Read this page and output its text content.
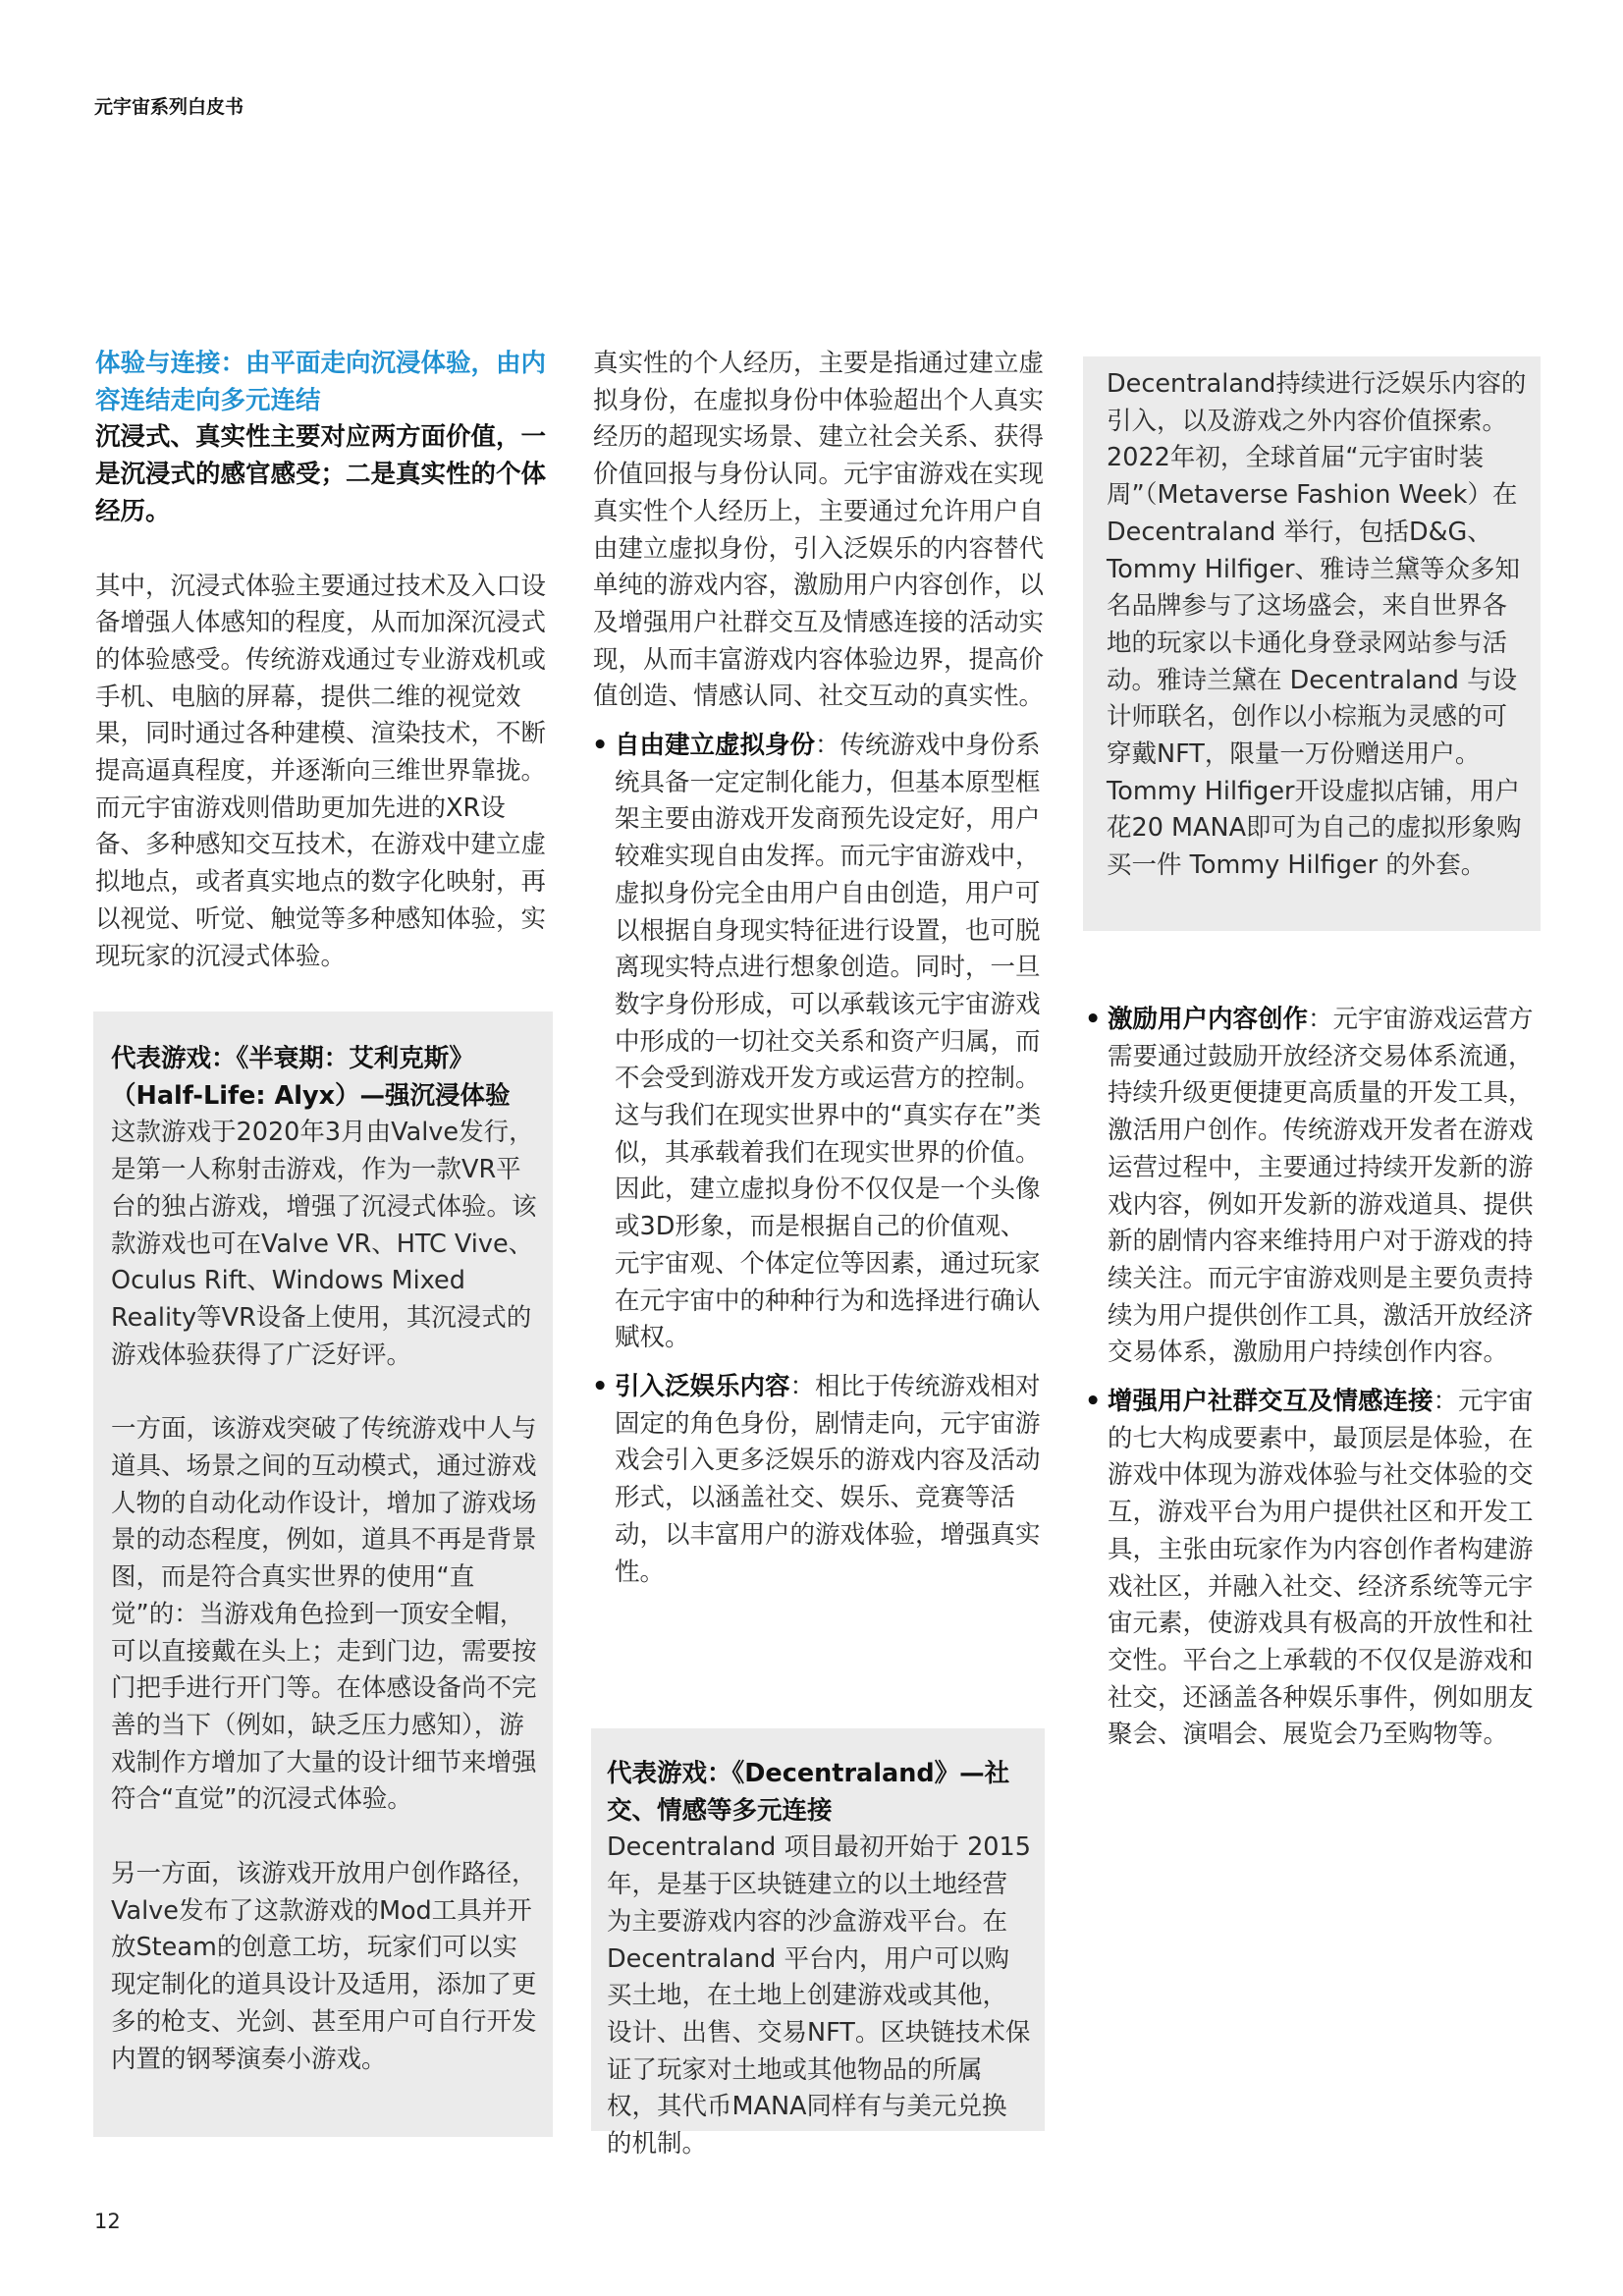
元宇宙系列白皮书

体验与连接：由平面走向沉浸体验，由内容连结走向多元连结

沉浸式、真实性主要对应两方面价值，一是沉浸式的感官感受；二是真实性的个体经历。

其中，沉浸式体验主要通过技术及入口设备增强人体感知的程度，从而加深沉浸式的体验感受。传统游戏通过专业游戏机或手机、电脑的屏幕，提供二维的视觉效果，同时通过各种建模、渲染技术，不断提高逼真程度，并逐渐向三维世界靠拢。而元宇宙游戏则借助更加先进的XR设备、多种感知交互技术，在游戏中建立虚拟地点，或者真实地点的数字化映射，再以视觉、听觉、触觉等多种感知体验，实现玩家的沉浸式体验。

代表游戏：《半衰期：艾利克斯》（Half-Life: Alyx）—强沉浸体验

这款游戏于2020年3月由Valve发行，是第一人称射击游戏，作为一款VR平台的独占游戏，增强了沉浸式体验。该款游戏也可在Valve VR、HTC Vive、Oculus Rift、Windows Mixed Reality等VR设备上使用，其沉浸式的游戏体验获得了广泛好评。

一方面，该游戏突破了传统游戏中人与道具、场景之间的互动模式，通过游戏人物的自动化动作设计，增加了游戏场景的动态程度，例如，道具不再是背景图，而是符合真实世界的使用“直觉”的：当游戏角色捡到一顶安全帽，可以直接戴在头上；走到门边，需要按门把手进行开门等。在体感设备尚不完善的当下（例如，缺乏压力感知），游戏制作方增加了大量的设计细节来增强符合“直觉”的沉浸式体验。

另一方面，该游戏开放用户创作路径，Valve发布了这款游戏的Mod工具并开放Steam的创意工坊，玩家们可以实现定制化的道具设计及适用，添加了更多的枪支、光剑、甚至用户可自行开发内置的钢琴演奏小游戏。

真实性的个人经历，主要是指通过建立虚拟身份，在虚拟身份中体验超出个人真实经历的超现实场景、建立社会关系、获得价值回报与身份认同。元宇宙游戏在实现真实性个人经历上，主要通过允许用户自由建立虚拟身份，引入泛娱乐的内容替代单纯的游戏内容，激励用户内容创作，以及增强用户社群交互及情感连接的活动实现，从而丰富游戏内容体验边界，提高价值创造、情感认同、社交互动的真实性。

• 自由建立虚拟身份：传统游戏中身份系统具备一定定制化能力，但基本原型框架主要由游戏开发商预先设定好，用户较难实现自由发挥。而元宇宙游戏中，虚拟身份完全由用户自由创造，用户可以根据自身现实特征进行设置，也可脱离现实特点进行想象创造。同时，一旦数字身份形成，可以承载该元宇宙游戏中形成的一切社交关系和资产归属，而不会受到游戏开发方或运营方的控制。这与我们在现实世界中的“真实存在”类似，其承载着我们在现实世界的价值。因此，建立虚拟身份不仅仅是一个头像或3D形象，而是根据自己的价值观、元宇宙观、个体定位等因素，通过玩家在元宇宙中的种种行为和选择进行确认赋权。
• 引入泛娱乐内容：相比于传统游戏相对固定的角色身份，剧情走向，元宇宙游戏会引入更多泛娱乐的游戏内容及活动形式，以涵盖社交、娱乐、竞赛等活动，以丰富用户的游戏体验，增强真实性。

代表游戏：《Decentraland》—社交、情感等多元连接

Decentraland 项目最初开始于 2015 年，是基于区块链建立的以土地经营为主要游戏内容的沙盒游戏平台。在Decentraland 平台内，用户可以购买土地，在土地上创建游戏或其他，设计、出售、交易NFT。区块链技术保证了玩家对土地或其他物品的所属权，其代币MANA同样有与美元兑换的机制。

Decentraland持续进行泛娱乐内容的引入，以及游戏之外内容价值探索。2022年初，全球首届“元宇宙时装周”（Metaverse Fashion Week）在Decentraland 举行，包括D&G、Tommy Hilfiger、雅诗兰黛等众多知名品牌参与了这场盛会，来自世界各地的玩家以卡通化身登录网站参与活动。雅诗兰黛在 Decentraland 与设计师联名，创作以小棕瓶为灵感的可穿戴NFT，限量一万份赠送用户。Tommy Hilfiger开设虚拟店铺，用户花20 MANA即可为自己的虚拟形象购买一件 Tommy Hilfiger 的外套。

• 激励用户内容创作：元宇宙游戏运营方需要通过鼓励开放经济交易体系流通，持续升级更便捷更高质量的开发工具，激活用户创作。传统游戏开发者在游戏运营过程中，主要通过持续开发新的游戏内容，例如开发新的游戏道具、提供新的剧情内容来维持用户对于游戏的持续关注。而元宇宙游戏则是主要负责持续为用户提供创作工具，激活开放经济交易体系，激励用户持续创作内容。
• 增强用户社群交互及情感连接：元宇宙的七大构成要素中，最顶层是体验，在游戏中体现为游戏体验与社交体验的交互，游戏平台为用户提供社区和开发工具，主张由玩家作为内容创作者构建游戏社区，并融入社交、经济系统等元宇宙元素，使游戏具有极高的开放性和社交性。平台之上承载的不仅仅是游戏和社交，还涵盖各种娱乐事件，例如朋友聚会、演唱会、展览会乃至购物等。
12
